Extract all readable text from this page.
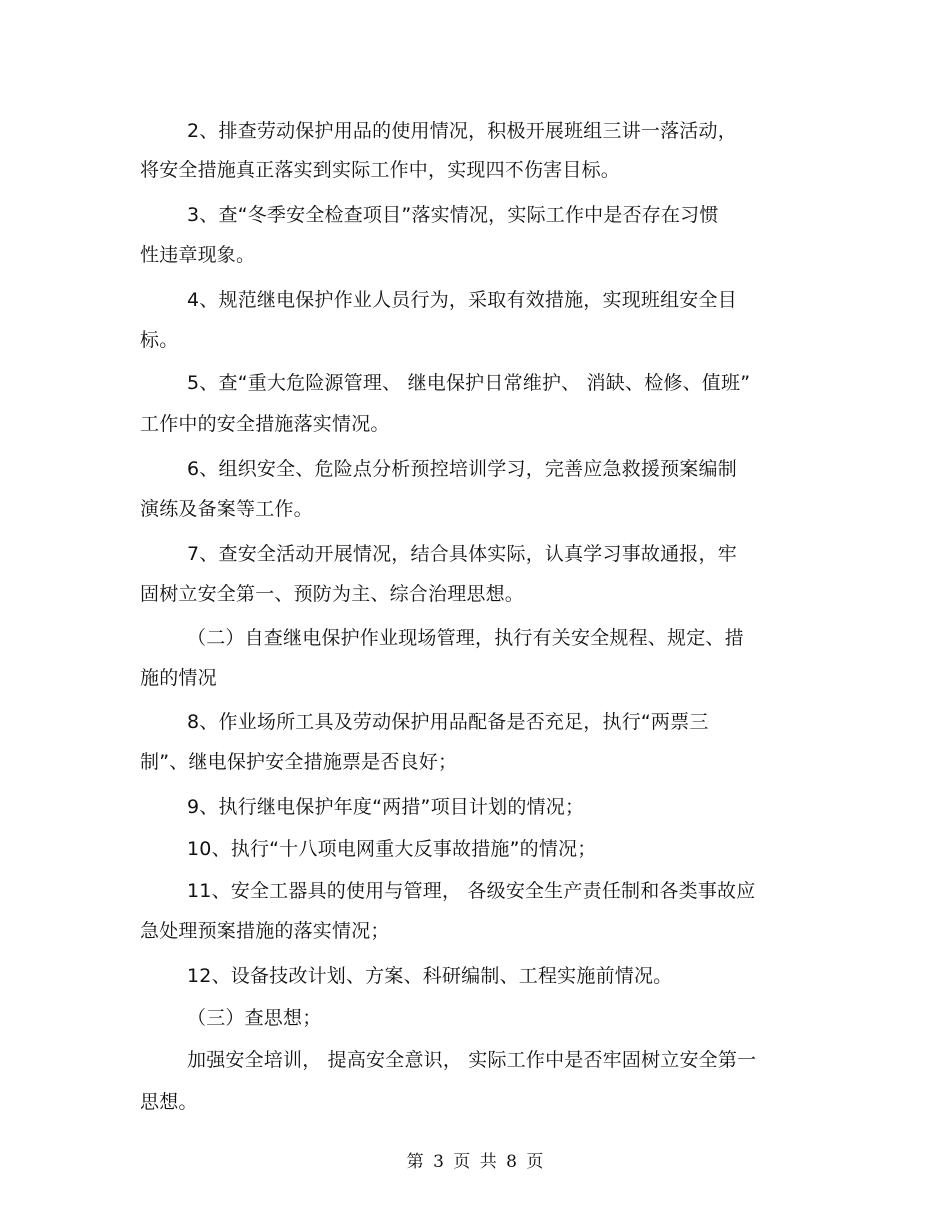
2、排查劳动保护用品的使用情况，积极开展班组三讲一落活动，
将安全措施真正落实到实际工作中，实现四不伤害目标。
3、查“冬季安全检查项目”落实情况，实际工作中是否存在习惯
性违章现象。
4、规范继电保护作业人员行为，采取有效措施，实现班组安全目
标。
5、查“重大危险源管理、 继电保护日常维护、 消缺、检修、值班”
工作中的安全措施落实情况。
6、组织安全、危险点分析预控培训学习，完善应急救援预案编制
演练及备案等工作。
7、查安全活动开展情况，结合具体实际，认真学习事故通报，牢
固树立安全第一、预防为主、综合治理思想。
（二）自查继电保护作业现场管理，执行有关安全规程、规定、措
施的情况
8、作业场所工具及劳动保护用品配备是否充足，执行“两票三
制”、继电保护安全措施票是否良好；
9、执行继电保护年度“两措”项目计划的情况；
10、执行“十八项电网重大反事故措施”的情况；
11、安全工器具的使用与管理， 各级安全生产责任制和各类事故应
急处理预案措施的落实情况；
12、设备技改计划、方案、科研编制、工程实施前情况。
（三）查思想；
加强安全培训， 提高安全意识， 实际工作中是否牢固树立安全第一
思想。
第 3 页 共 8 页
